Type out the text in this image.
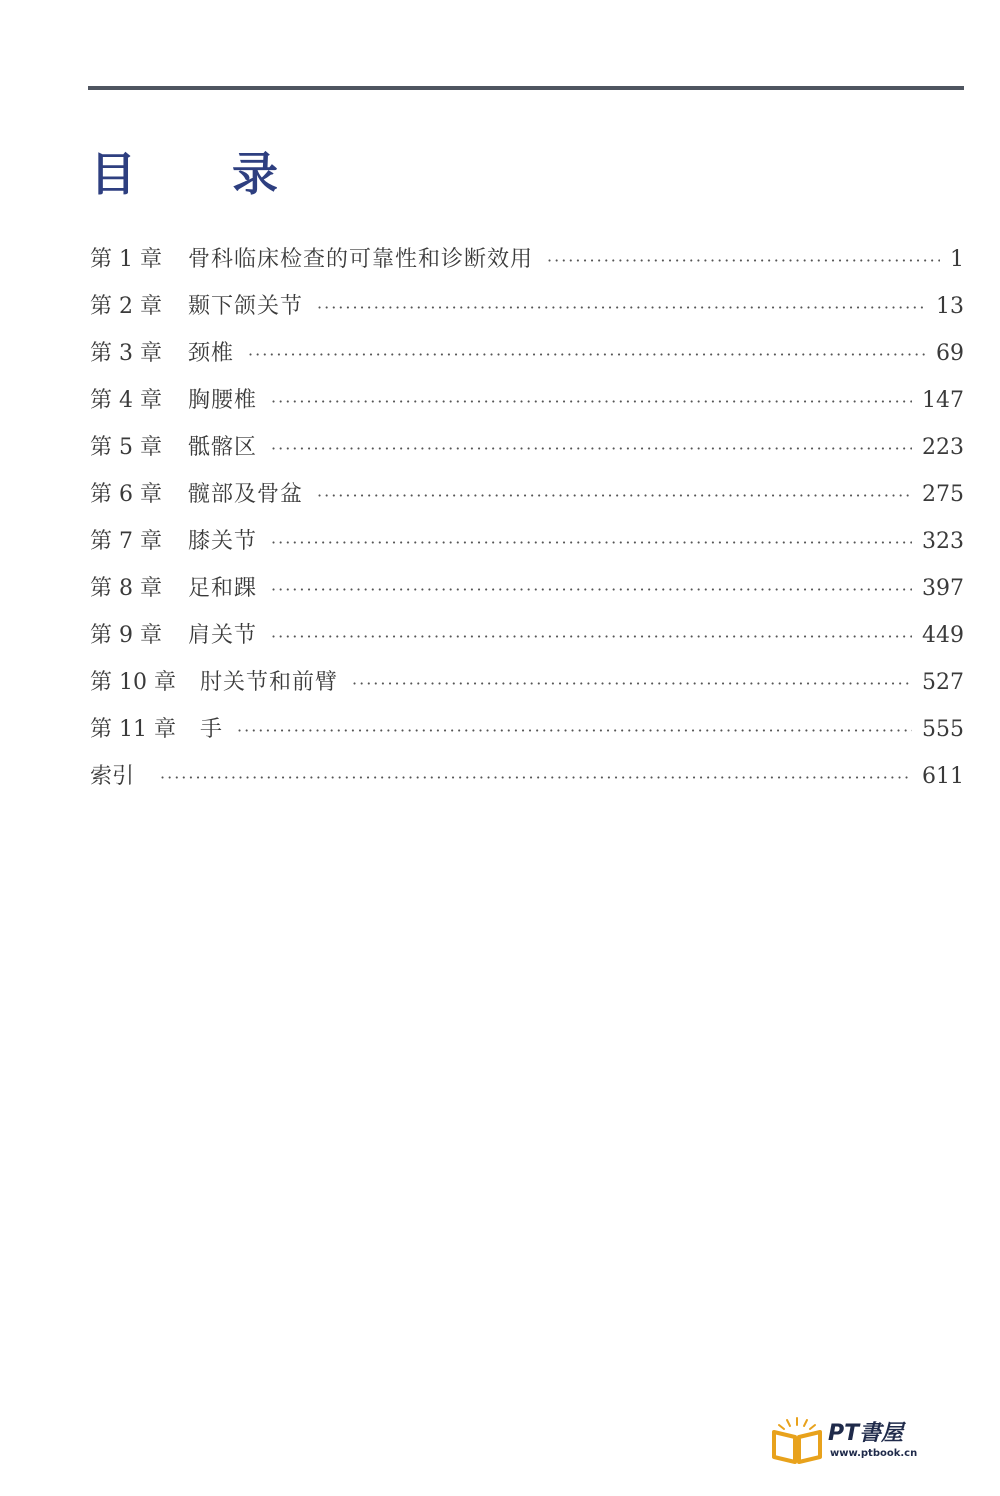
目 录
第 1 章	骨科临床检查的可靠性和诊断效用 ·····	1
第 2 章	颞下颌关节 ·····	13
第 3 章	颈椎 ·····	69
第 4 章	胸腰椎 ·····	147
第 5 章	骶髂区 ·····	223
第 6 章	髋部及骨盆 ·····	275
第 7 章	膝关节 ·····	323
第 8 章	足和踝 ·····	397
第 9 章	肩关节 ·····	449
第 10 章	肘关节和前臂 ·····	527
第 11 章	手 ·····	555
索引 ·····	611
PT書屋
www.ptbook.cn
